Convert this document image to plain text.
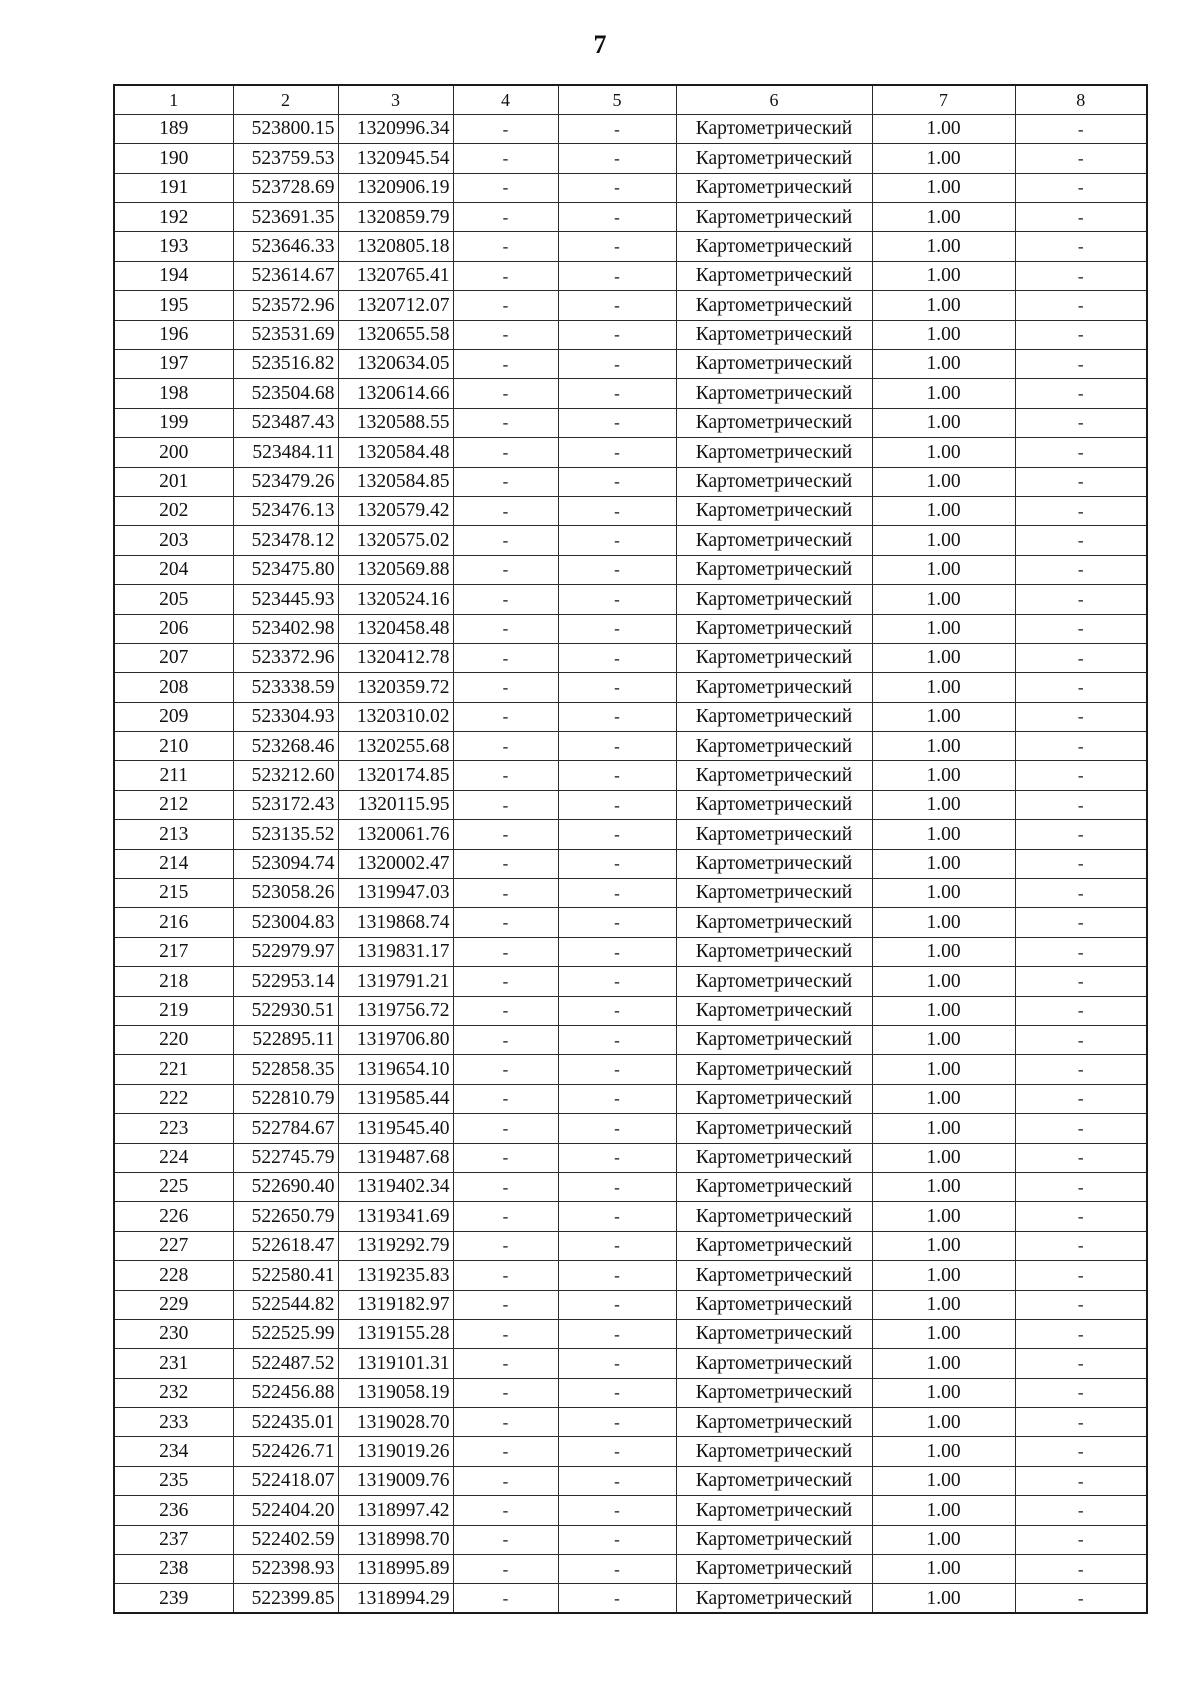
7
1	2	3	4	5	6	7	8
189	523800.15	1320996.34	-	-	Картометрический	1.00	-
190	523759.53	1320945.54	-	-	Картометрический	1.00	-
191	523728.69	1320906.19	-	-	Картометрический	1.00	-
192	523691.35	1320859.79	-	-	Картометрический	1.00	-
193	523646.33	1320805.18	-	-	Картометрический	1.00	-
194	523614.67	1320765.41	-	-	Картометрический	1.00	-
195	523572.96	1320712.07	-	-	Картометрический	1.00	-
196	523531.69	1320655.58	-	-	Картометрический	1.00	-
197	523516.82	1320634.05	-	-	Картометрический	1.00	-
198	523504.68	1320614.66	-	-	Картометрический	1.00	-
199	523487.43	1320588.55	-	-	Картометрический	1.00	-
200	523484.11	1320584.48	-	-	Картометрический	1.00	-
201	523479.26	1320584.85	-	-	Картометрический	1.00	-
202	523476.13	1320579.42	-	-	Картометрический	1.00	-
203	523478.12	1320575.02	-	-	Картометрический	1.00	-
204	523475.80	1320569.88	-	-	Картометрический	1.00	-
205	523445.93	1320524.16	-	-	Картометрический	1.00	-
206	523402.98	1320458.48	-	-	Картометрический	1.00	-
207	523372.96	1320412.78	-	-	Картометрический	1.00	-
208	523338.59	1320359.72	-	-	Картометрический	1.00	-
209	523304.93	1320310.02	-	-	Картометрический	1.00	-
210	523268.46	1320255.68	-	-	Картометрический	1.00	-
211	523212.60	1320174.85	-	-	Картометрический	1.00	-
212	523172.43	1320115.95	-	-	Картометрический	1.00	-
213	523135.52	1320061.76	-	-	Картометрический	1.00	-
214	523094.74	1320002.47	-	-	Картометрический	1.00	-
215	523058.26	1319947.03	-	-	Картометрический	1.00	-
216	523004.83	1319868.74	-	-	Картометрический	1.00	-
217	522979.97	1319831.17	-	-	Картометрический	1.00	-
218	522953.14	1319791.21	-	-	Картометрический	1.00	-
219	522930.51	1319756.72	-	-	Картометрический	1.00	-
220	522895.11	1319706.80	-	-	Картометрический	1.00	-
221	522858.35	1319654.10	-	-	Картометрический	1.00	-
222	522810.79	1319585.44	-	-	Картометрический	1.00	-
223	522784.67	1319545.40	-	-	Картометрический	1.00	-
224	522745.79	1319487.68	-	-	Картометрический	1.00	-
225	522690.40	1319402.34	-	-	Картометрический	1.00	-
226	522650.79	1319341.69	-	-	Картометрический	1.00	-
227	522618.47	1319292.79	-	-	Картометрический	1.00	-
228	522580.41	1319235.83	-	-	Картометрический	1.00	-
229	522544.82	1319182.97	-	-	Картометрический	1.00	-
230	522525.99	1319155.28	-	-	Картометрический	1.00	-
231	522487.52	1319101.31	-	-	Картометрический	1.00	-
232	522456.88	1319058.19	-	-	Картометрический	1.00	-
233	522435.01	1319028.70	-	-	Картометрический	1.00	-
234	522426.71	1319019.26	-	-	Картометрический	1.00	-
235	522418.07	1319009.76	-	-	Картометрический	1.00	-
236	522404.20	1318997.42	-	-	Картометрический	1.00	-
237	522402.59	1318998.70	-	-	Картометрический	1.00	-
238	522398.93	1318995.89	-	-	Картометрический	1.00	-
239	522399.85	1318994.29	-	-	Картометрический	1.00	-
